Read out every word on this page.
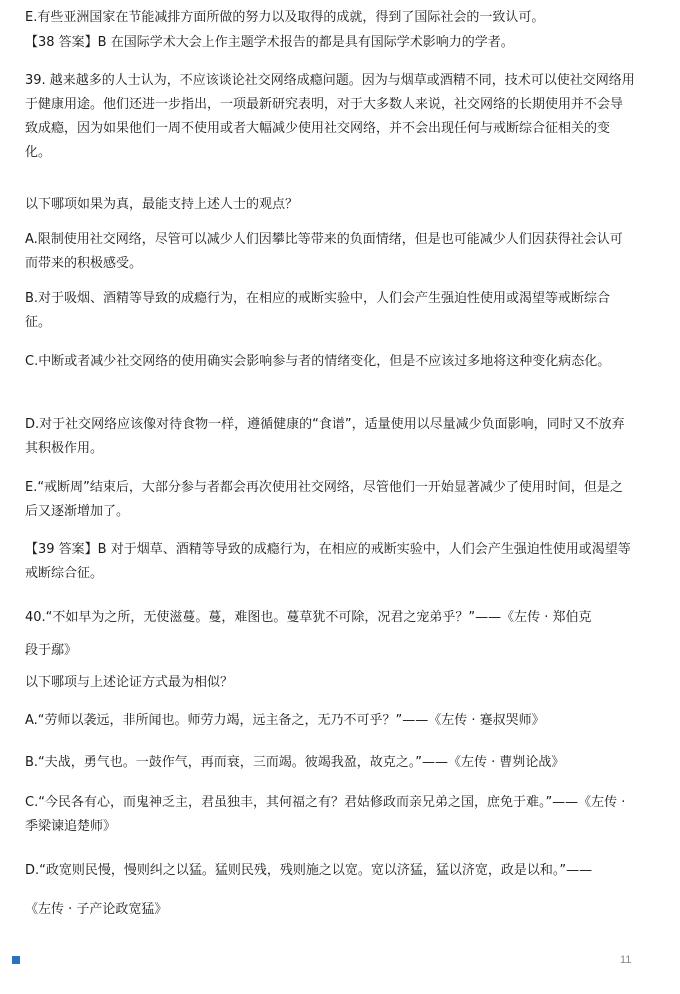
E.有些亚洲国家在节能减排方面所做的努力以及取得的成就，得到了国际社会的一致认可。

【38 答案】B 在国际学术大会上作主题学术报告的都是具有国际学术影响力的学者。

39. 越来越多的人士认为，不应该谈论社交网络成瘾问题。因为与烟草或酒精不同，技术可以使社交网络用于健康用途。他们还进一步指出，一项最新研究表明，对于大多数人来说，社交网络的长期使用并不会导致成瘾，因为如果他们一周不使用或者大幅减少使用社交网络，并不会出现任何与戒断综合征相关的变化。

以下哪项如果为真，最能支持上述人士的观点？

A.限制使用社交网络，尽管可以减少人们因攀比等带来的负面情绪，但是也可能减少人们因获得社会认可而带来的积极感受。

B.对于吸烟、酒精等导致的成瘾行为，在相应的戒断实验中，人们会产生强迫性使用或渴望等戒断综合征。

C.中断或者减少社交网络的使用确实会影响参与者的情绪变化，但是不应该过多地将这种变化病态化。

D.对于社交网络应该像对待食物一样，遵循健康的“食谱”，适量使用以尽量减少负面影响，同时又不放弃其积极作用。

E.“戒断周”结束后，大部分参与者都会再次使用社交网络，尽管他们一开始显著减少了使用时间，但是之后又逐渐增加了。

【39 答案】B 对于烟草、酒精等导致的成瘾行为，在相应的戒断实验中，人们会产生强迫性使用或渴望等戒断综合征。

40.“不如早为之所，无使滋蔓。蔓，难图也。蔓草犹不可除，况君之宠弟乎？”——《左传 · 郑伯克

段于鄢》

以下哪项与上述论证方式最为相似？

A.“劳师以袭远，非所闻也。师劳力竭，远主备之，无乃不可乎？”——《左传 · 蹇叔哭师》

B.“夫战，勇气也。一鼓作气，再而衰，三而竭。彼竭我盈，故克之。”——《左传 · 曹刿论战》

C.“今民各有心，而鬼神乏主，君虽独丰，其何福之有？君姑修政而亲兄弟之国，庶免于难。”——《左传 · 季梁谏追楚师》

D.“政宽则民慢，慢则纠之以猛。猛则民残，残则施之以宽。宽以济猛，猛以济宽，政是以和。”——

《左传 · 子产论政宽猛》

11
